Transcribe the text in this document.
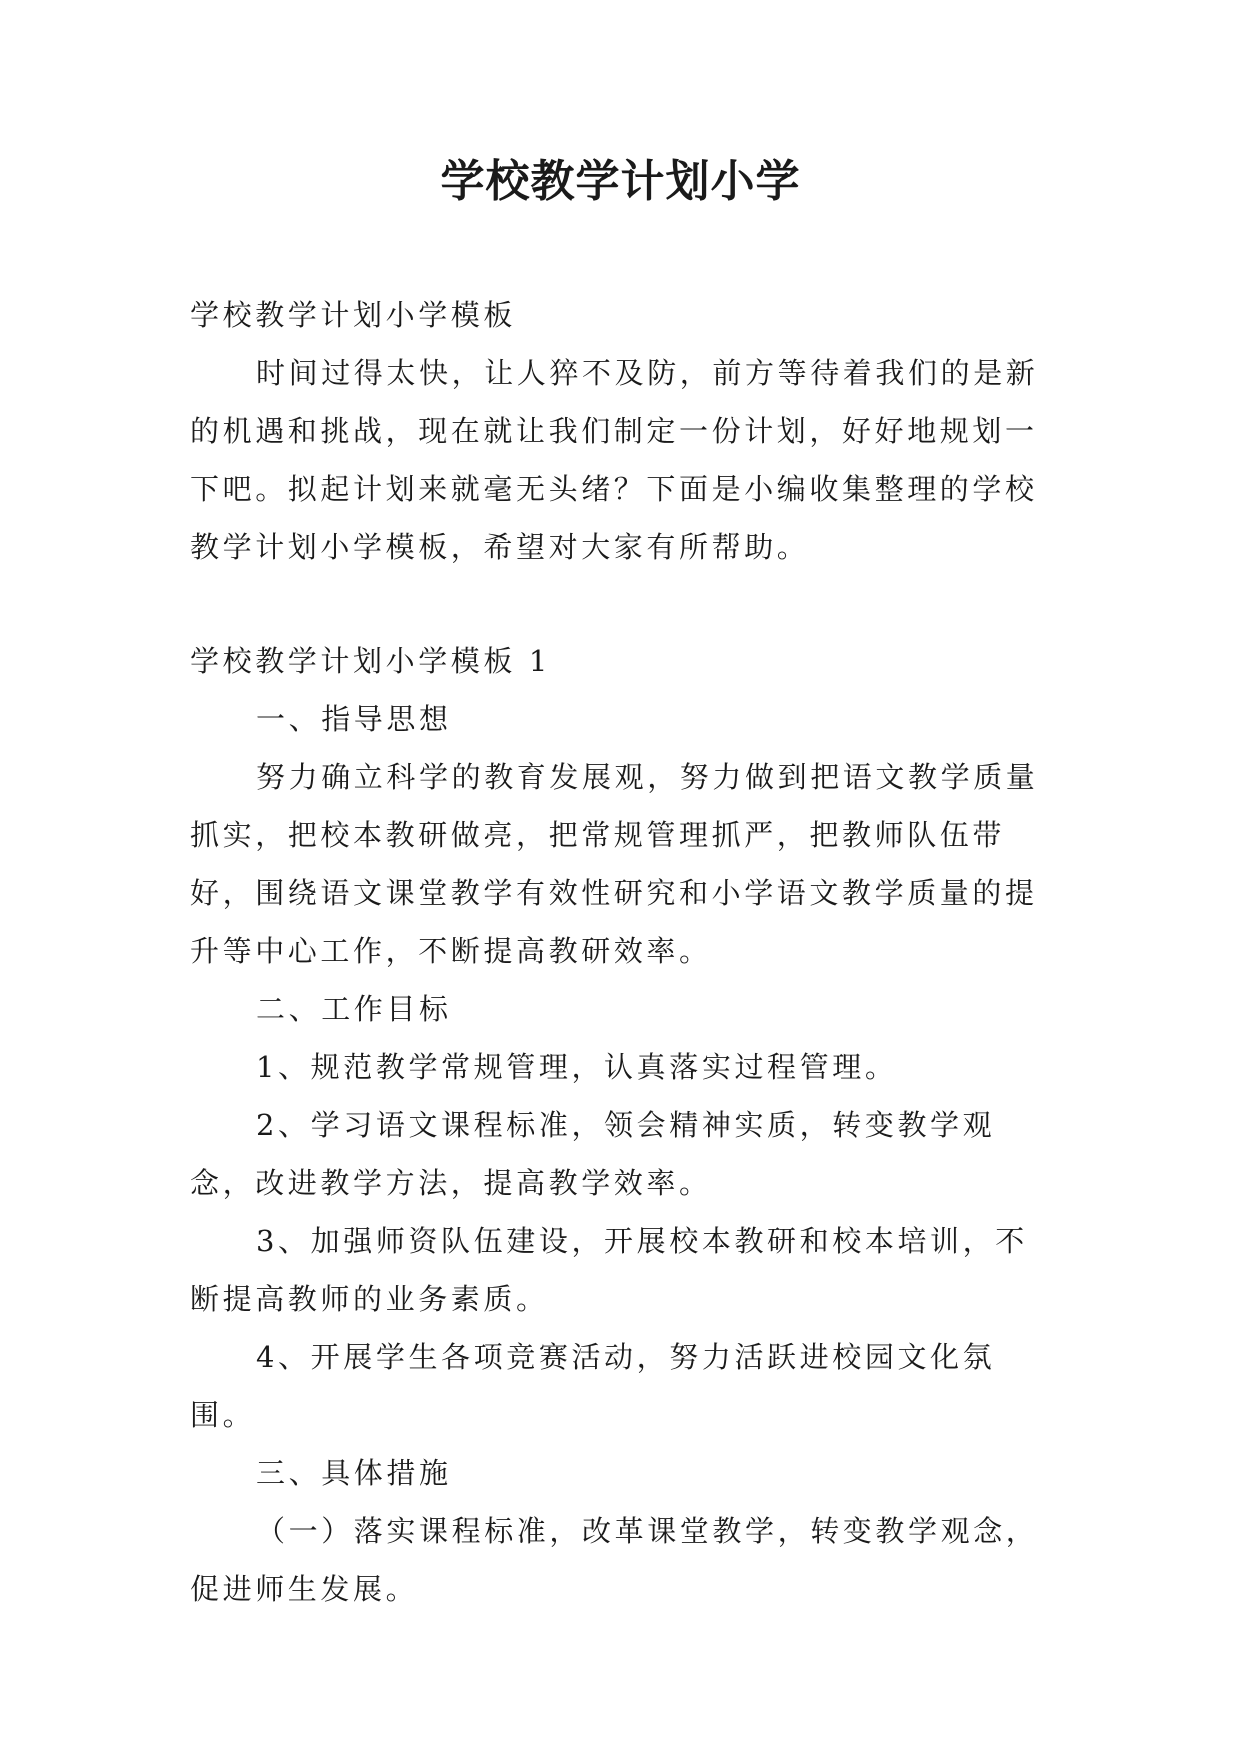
学校教学计划小学

学校教学计划小学模板

时间过得太快，让人猝不及防，前方等待着我们的是新的机遇和挑战，现在就让我们制定一份计划，好好地规划一下吧。拟起计划来就毫无头绪？下面是小编收集整理的学校教学计划小学模板，希望对大家有所帮助。

学校教学计划小学模板 1

一、指导思想

努力确立科学的教育发展观，努力做到把语文教学质量抓实，把校本教研做亮，把常规管理抓严，把教师队伍带好，围绕语文课堂教学有效性研究和小学语文教学质量的提升等中心工作，不断提高教研效率。

二、工作目标

1、规范教学常规管理，认真落实过程管理。

2、学习语文课程标准，领会精神实质，转变教学观念，改进教学方法，提高教学效率。

3、加强师资队伍建设，开展校本教研和校本培训，不断提高教师的业务素质。

4、开展学生各项竞赛活动，努力活跃进校园文化氛围。

三、具体措施

（一）落实课程标准，改革课堂教学，转变教学观念，促进师生发展。
